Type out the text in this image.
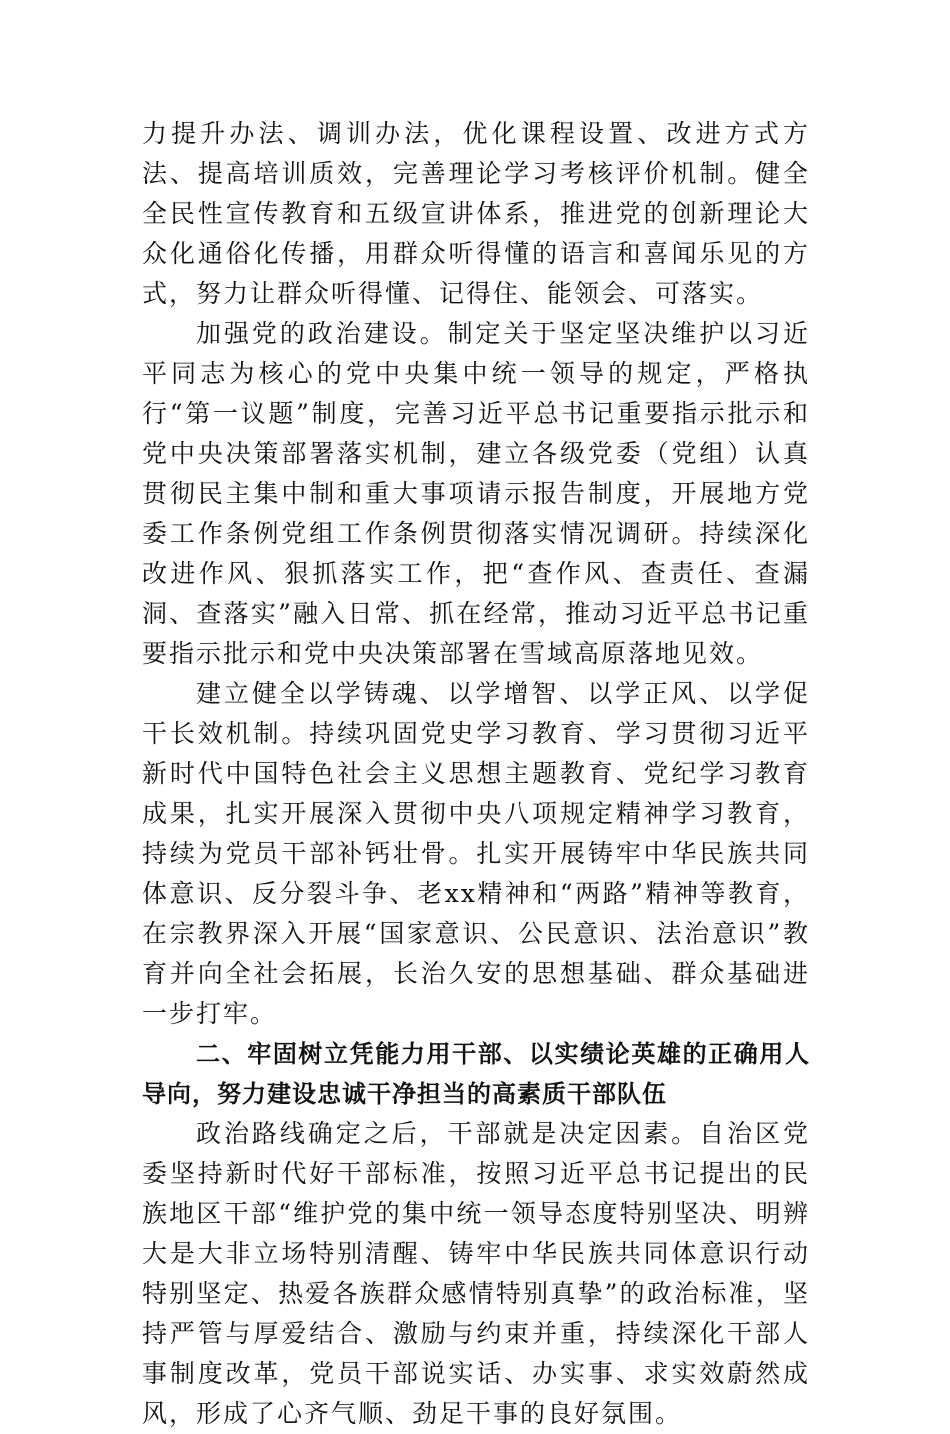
力提升办法、调训办法，优化课程设置、改进方式方法、提高培训质效，完善理论学习考核评价机制。健全全民性宣传教育和五级宣讲体系，推进党的创新理论大众化通俗化传播，用群众听得懂的语言和喜闻乐见的方式，努力让群众听得懂、记得住、能领会、可落实。

加强党的政治建设。制定关于坚定坚决维护以习近平同志为核心的党中央集中统一领导的规定，严格执行“第一议题”制度，完善习近平总书记重要指示批示和党中央决策部署落实机制，建立各级党委（党组）认真贯彻民主集中制和重大事项请示报告制度，开展地方党委工作条例党组工作条例贯彻落实情况调研。持续深化改进作风、狠抓落实工作，把“查作风、查责任、查漏洞、查落实”融入日常、抓在经常，推动习近平总书记重要指示批示和党中央决策部署在雪域高原落地见效。

建立健全以学铸魂、以学增智、以学正风、以学促干长效机制。持续巩固党史学习教育、学习贯彻习近平新时代中国特色社会主义思想主题教育、党纪学习教育成果，扎实开展深入贯彻中央八项规定精神学习教育，持续为党员干部补钙壮骨。扎实开展铸牢中华民族共同体意识、反分裂斗争、老xx精神和“两路”精神等教育，在宗教界深入开展“国家意识、公民意识、法治意识”教育并向全社会拓展，长治久安的思想基础、群众基础进一步打牢。

二、牢固树立凭能力用干部、以实绩论英雄的正确用人导向，努力建设忠诚干净担当的高素质干部队伍

政治路线确定之后，干部就是决定因素。自治区党委坚持新时代好干部标准，按照习近平总书记提出的民族地区干部“维护党的集中统一领导态度特别坚决、明辨大是大非立场特别清醒、铸牢中华民族共同体意识行动特别坚定、热爱各族群众感情特别真挚”的政治标准，坚持严管与厚爱结合、激励与约束并重，持续深化干部人事制度改革，党员干部说实话、办实事、求实效蔚然成风，形成了心齐气顺、劲足干事的良好氛围。
